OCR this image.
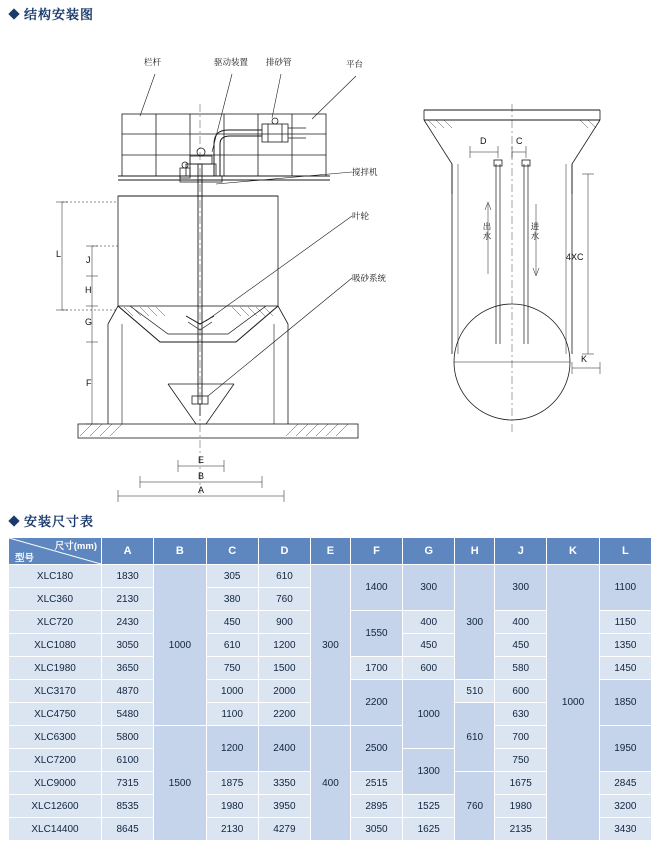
结构安装图
栏杆	驱动装置 排砂管	平台
搅拌机
叶轮
吸砂系统
L
J
H
G
F
E
B
A
D	C
4XC
K
出水	进水
安装尺寸表
尺寸(mm)
型号	A	B	C	D	E	F	G	H	J	K	L
XLC180	1830	1000	305	610	300	1400	300	300	300	1000	1100
XLC360	2130		380	760							
XLC720	2430		450	900		1550	400		400		1150
XLC1080	3050		610	1200			450		450		1350
XLC1980	3650		750	1500		1700	600		580		1450
XLC3170	4870		1000	2000		2200	1000	510	600		1850
XLC4750	5480		1100	2200				610	630		
XLC6300	5800	1500	1200	2400	400	2500			700		1950
XLC7200	6100						1300		750		
XLC9000	7315		1875	3350		2515		760	1675		2845
XLC12600	8535		1980	3950		2895	1525		1980		3200
XLC14400	8645		2130	4279		3050	1625		2135		3430
